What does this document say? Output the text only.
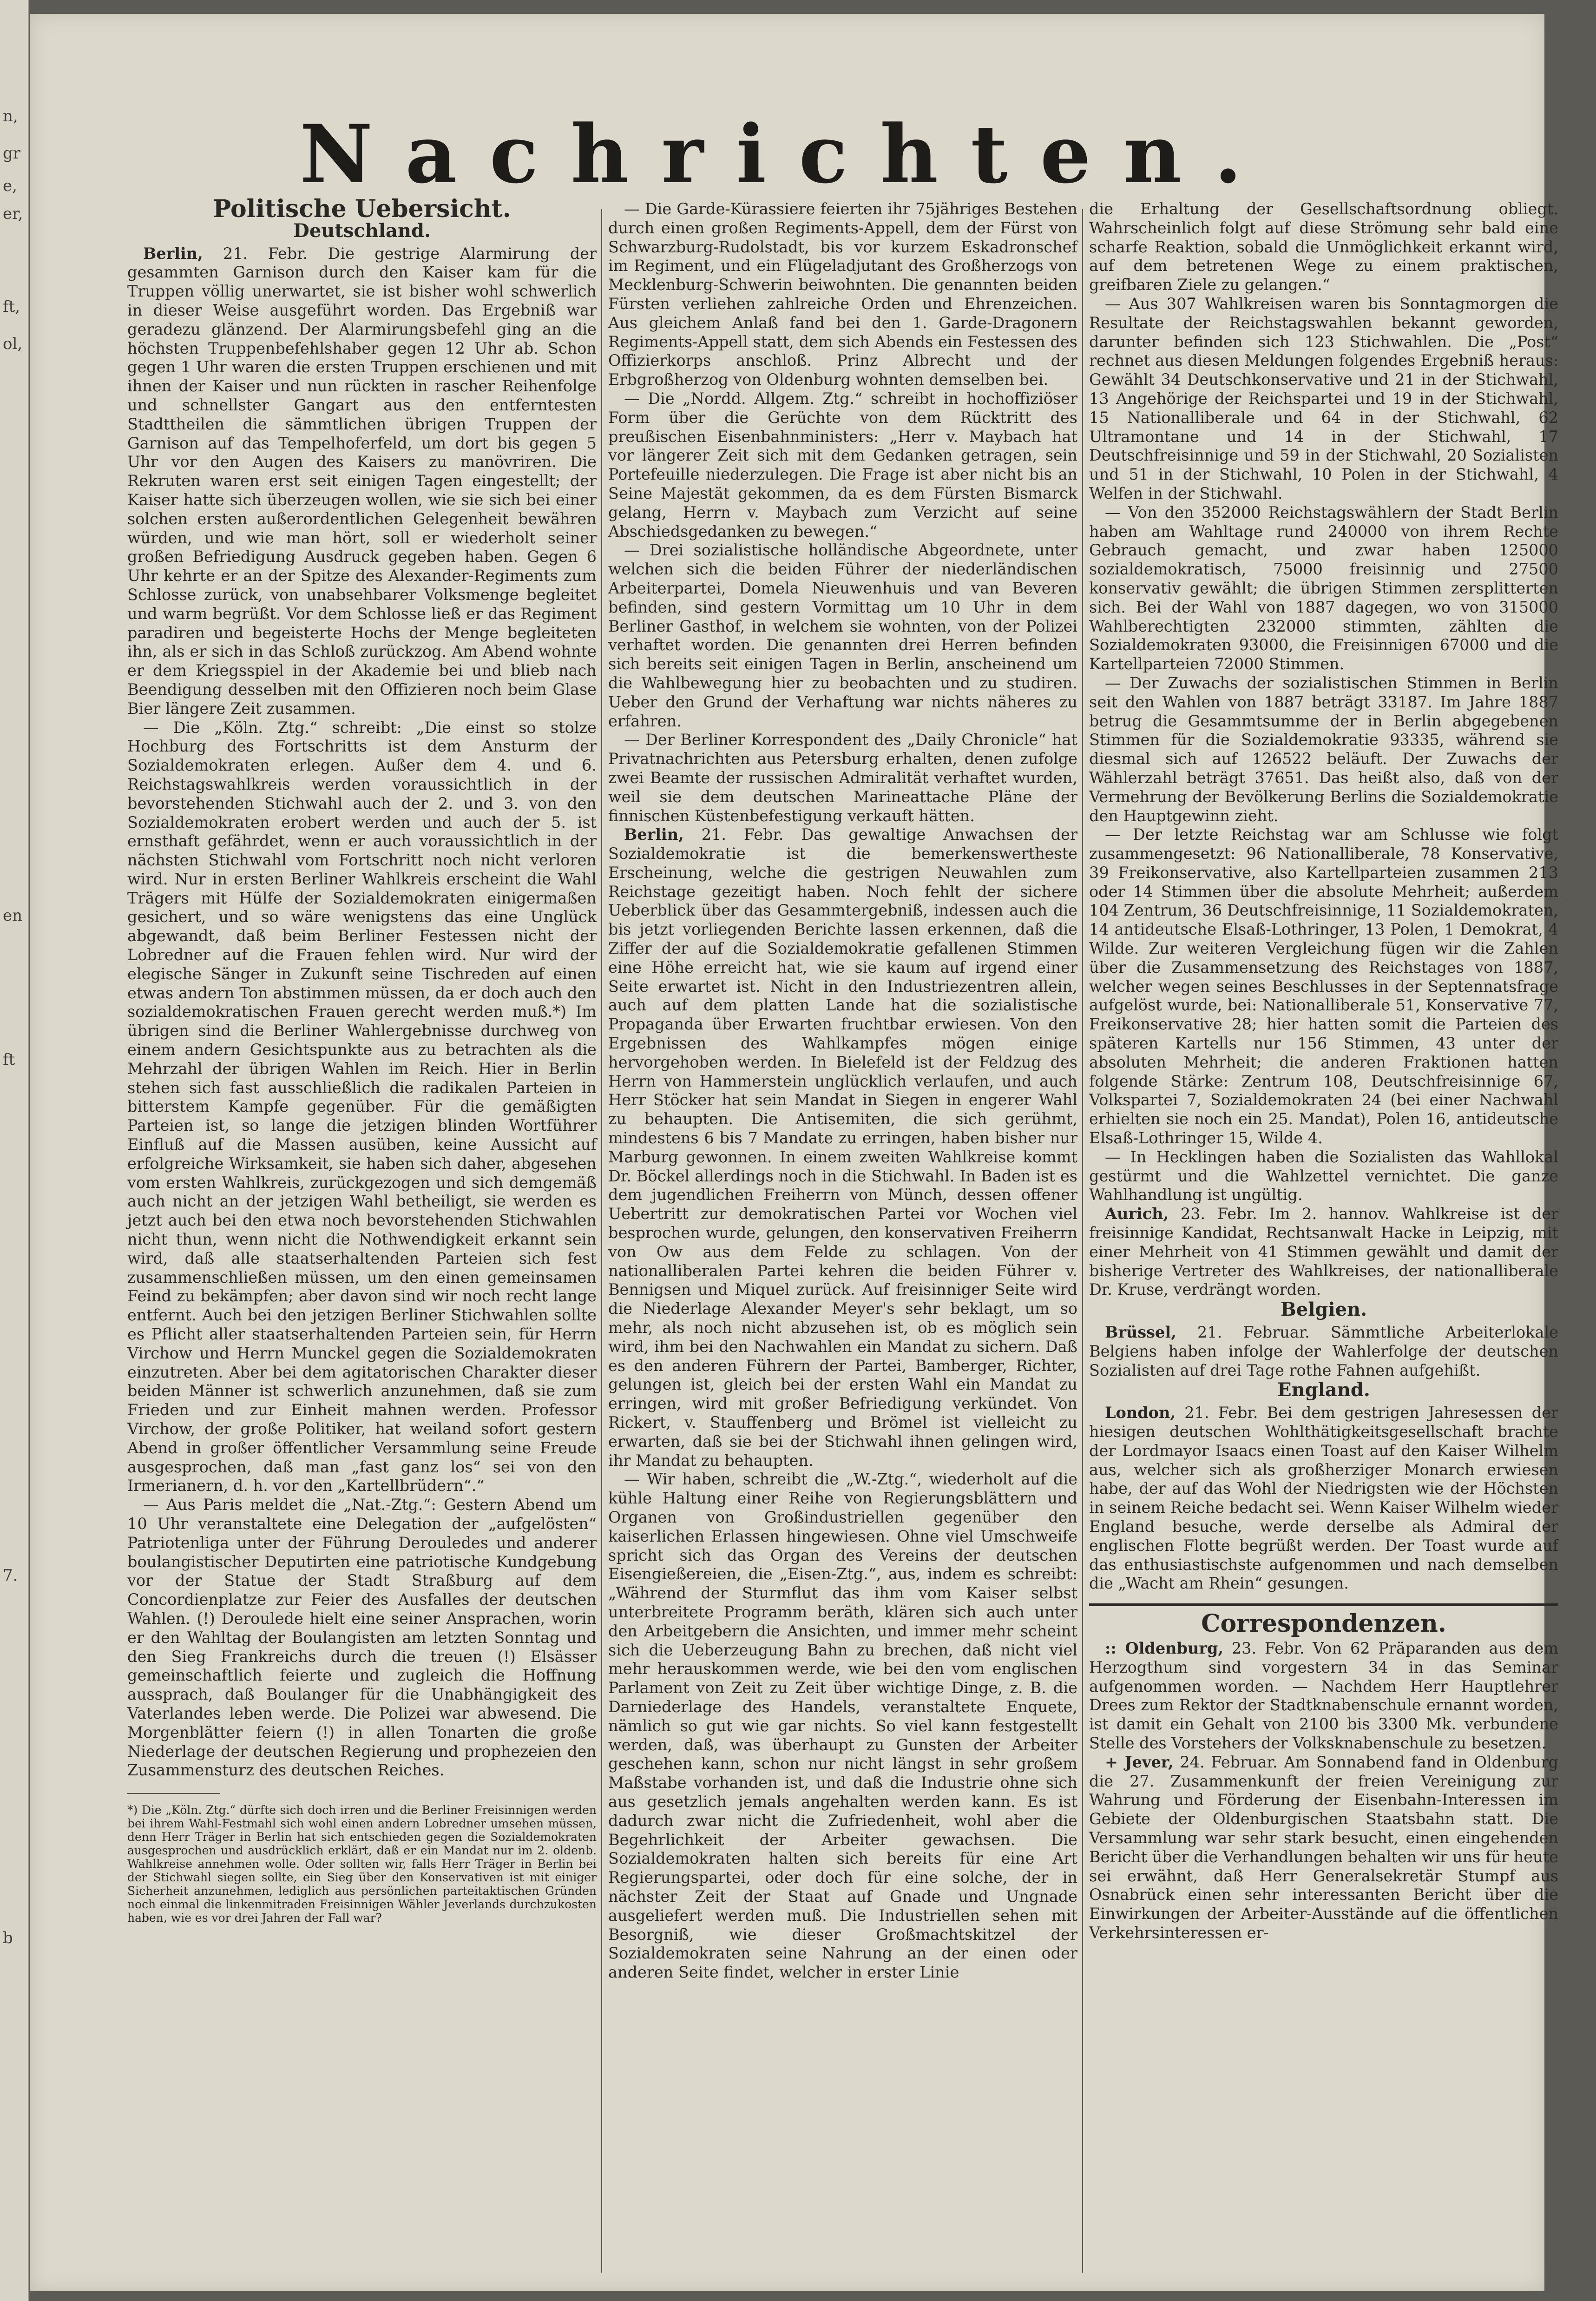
n,
gr
e,
er,
ft,
ol,
en
ft
7.
b
Nachrichten.
Politische Uebersicht.
Deutschland.

Berlin, 21. Febr. Die gestrige Alarmirung der gesammten Garnison durch den Kaiser kam für die Truppen völlig unerwartet, sie ist bisher wohl schwerlich in dieser Weise ausgeführt worden. Das Ergebniß war geradezu glänzend. Der Alarmirungsbefehl ging an die höchsten Truppenbefehlshaber gegen 12 Uhr ab. Schon gegen 1 Uhr waren die ersten Truppen erschienen und mit ihnen der Kaiser und nun rückten in rascher Reihenfolge und schnellster Gangart aus den entferntesten Stadttheilen die sämmtlichen übrigen Truppen der Garnison auf das Tempelhoferfeld, um dort bis gegen 5 Uhr vor den Augen des Kaisers zu manövriren. Die Rekruten waren erst seit einigen Tagen eingestellt; der Kaiser hatte sich überzeugen wollen, wie sie sich bei einer solchen ersten außerordentlichen Gelegenheit bewähren würden, und wie man hört, soll er wiederholt seiner großen Befriedigung Ausdruck gegeben haben. Gegen 6 Uhr kehrte er an der Spitze des Alexander-Regiments zum Schlosse zurück, von unabsehbarer Volksmenge begleitet und warm begrüßt. Vor dem Schlosse ließ er das Regiment paradiren und begeisterte Hochs der Menge begleiteten ihn, als er sich in das Schloß zurückzog. Am Abend wohnte er dem Kriegsspiel in der Akademie bei und blieb nach Beendigung desselben mit den Offizieren noch beim Glase Bier längere Zeit zusammen.

— Die „Köln. Ztg.“ schreibt: „Die einst so stolze Hochburg des Fortschritts ist dem Ansturm der Sozialdemokraten erlegen. Außer dem 4. und 6. Reichstagswahlkreis werden voraussichtlich in der bevorstehenden Stichwahl auch der 2. und 3. von den Sozialdemokraten erobert werden und auch der 5. ist ernsthaft gefährdet, wenn er auch voraussichtlich in der nächsten Stichwahl vom Fortschritt noch nicht verloren wird. Nur in ersten Berliner Wahlkreis erscheint die Wahl Trägers mit Hülfe der Sozialdemokraten einigermaßen gesichert, und so wäre wenigstens das eine Unglück abgewandt, daß beim Berliner Festessen nicht der Lobredner auf die Frauen fehlen wird. Nur wird der elegische Sänger in Zukunft seine Tischreden auf einen etwas andern Ton abstimmen müssen, da er doch auch den sozialdemokratischen Frauen gerecht werden muß.*) Im übrigen sind die Berliner Wahlergebnisse durchweg von einem andern Gesichtspunkte aus zu betrachten als die Mehrzahl der übrigen Wahlen im Reich. Hier in Berlin stehen sich fast ausschließlich die radikalen Parteien in bitterstem Kampfe gegenüber. Für die gemäßigten Parteien ist, so lange die jetzigen blinden Wortführer Einfluß auf die Massen ausüben, keine Aussicht auf erfolgreiche Wirksamkeit, sie haben sich daher, abgesehen vom ersten Wahlkreis, zurückgezogen und sich demgemäß auch nicht an der jetzigen Wahl betheiligt, sie werden es jetzt auch bei den etwa noch bevorstehenden Stichwahlen nicht thun, wenn nicht die Nothwendigkeit erkannt sein wird, daß alle staatserhaltenden Parteien sich fest zusammenschließen müssen, um den einen gemeinsamen Feind zu bekämpfen; aber davon sind wir noch recht lange entfernt. Auch bei den jetzigen Berliner Stichwahlen sollte es Pflicht aller staatserhaltenden Parteien sein, für Herrn Virchow und Herrn Munckel gegen die Sozialdemokraten einzutreten. Aber bei dem agitatorischen Charakter dieser beiden Männer ist schwerlich anzunehmen, daß sie zum Frieden und zur Einheit mahnen werden. Professor Virchow, der große Politiker, hat weiland sofort gestern Abend in großer öffentlicher Versammlung seine Freude ausgesprochen, daß man „fast ganz los“ sei von den Irmerianern, d. h. vor den „Kartellbrüdern“.“

— Aus Paris meldet die „Nat.-Ztg.“: Gestern Abend um 10 Uhr veranstaltete eine Delegation der „aufgelösten“ Patriotenliga unter der Führung Derouledes und anderer boulangistischer Deputirten eine patriotische Kundgebung vor der Statue der Stadt Straßburg auf dem Concordienplatze zur Feier des Ausfalles der deutschen Wahlen. (!) Deroulede hielt eine seiner Ansprachen, worin er den Wahltag der Boulangisten am letzten Sonntag und den Sieg Frankreichs durch die treuen (!) Elsässer gemeinschaftlich feierte und zugleich die Hoffnung aussprach, daß Boulanger für die Unabhängigkeit des Vaterlandes leben werde. Die Polizei war abwesend. Die Morgenblätter feiern (!) in allen Tonarten die große Niederlage der deutschen Regierung und prophezeien den Zusammensturz des deutschen Reiches.

*) Die „Köln. Ztg.“ dürfte sich doch irren und die Berliner Freisinnigen werden bei ihrem Wahl-Festmahl sich wohl einen andern Lobredner umsehen müssen, denn Herr Träger in Berlin hat sich entschieden gegen die Sozialdemokraten ausgesprochen und ausdrücklich erklärt, daß er ein Mandat nur im 2. oldenb. Wahlkreise annehmen wolle. Oder sollten wir, falls Herr Träger in Berlin bei der Stichwahl siegen sollte, ein Sieg über den Konservativen ist mit einiger Sicherheit anzunehmen, lediglich aus persönlichen parteitaktischen Gründen noch einmal die linkenmitraden Freisinnigen Wähler Jeverlands durchzukosten haben, wie es vor drei Jahren der Fall war?

— Die Garde-Kürassiere feierten ihr 75jähriges Bestehen durch einen großen Regiments-Appell, dem der Fürst von Schwarzburg-Rudolstadt, bis vor kurzem Eskadronschef im Regiment, und ein Flügeladjutant des Großherzogs von Mecklenburg-Schwerin beiwohnten. Die genannten beiden Fürsten verliehen zahlreiche Orden und Ehrenzeichen. Aus gleichem Anlaß fand bei den 1. Garde-Dragonern Regiments-Appell statt, dem sich Abends ein Festessen des Offizierkorps anschloß. Prinz Albrecht und der Erbgroßherzog von Oldenburg wohnten demselben bei.

— Die „Nordd. Allgem. Ztg.“ schreibt in hochoffiziöser Form über die Gerüchte von dem Rücktritt des preußischen Eisenbahnministers: „Herr v. Maybach hat vor längerer Zeit sich mit dem Gedanken getragen, sein Portefeuille niederzulegen. Die Frage ist aber nicht bis an Seine Majestät gekommen, da es dem Fürsten Bismarck gelang, Herrn v. Maybach zum Verzicht auf seine Abschiedsgedanken zu bewegen.“

— Drei sozialistische holländische Abgeordnete, unter welchen sich die beiden Führer der niederländischen Arbeiterpartei, Domela Nieuwenhuis und van Beveren befinden, sind gestern Vormittag um 10 Uhr in dem Berliner Gasthof, in welchem sie wohnten, von der Polizei verhaftet worden. Die genannten drei Herren befinden sich bereits seit einigen Tagen in Berlin, anscheinend um die Wahlbewegung hier zu beobachten und zu studiren. Ueber den Grund der Verhaftung war nichts näheres zu erfahren.

— Der Berliner Korrespondent des „Daily Chronicle“ hat Privatnachrichten aus Petersburg erhalten, denen zufolge zwei Beamte der russischen Admiralität verhaftet wurden, weil sie dem deutschen Marineattache Pläne der finnischen Küstenbefestigung verkauft hätten.

Berlin, 21. Febr. Das gewaltige Anwachsen der Sozialdemokratie ist die bemerkenswertheste Erscheinung, welche die gestrigen Neuwahlen zum Reichstage gezeitigt haben. Noch fehlt der sichere Ueberblick über das Gesammtergebniß, indessen auch die bis jetzt vorliegenden Berichte lassen erkennen, daß die Ziffer der auf die Sozialdemokratie gefallenen Stimmen eine Höhe erreicht hat, wie sie kaum auf irgend einer Seite erwartet ist. Nicht in den Industriezentren allein, auch auf dem platten Lande hat die sozialistische Propaganda über Erwarten fruchtbar erwiesen. Von den Ergebnissen des Wahlkampfes mögen einige hervorgehoben werden. In Bielefeld ist der Feldzug des Herrn von Hammerstein unglücklich verlaufen, und auch Herr Stöcker hat sein Mandat in Siegen in engerer Wahl zu behaupten. Die Antisemiten, die sich gerühmt, mindestens 6 bis 7 Mandate zu erringen, haben bisher nur Marburg gewonnen. In einem zweiten Wahlkreise kommt Dr. Böckel allerdings noch in die Stichwahl. In Baden ist es dem jugendlichen Freiherrn von Münch, dessen offener Uebertritt zur demokratischen Partei vor Wochen viel besprochen wurde, gelungen, den konservativen Freiherrn von Ow aus dem Felde zu schlagen. Von der nationalliberalen Partei kehren die beiden Führer v. Bennigsen und Miquel zurück. Auf freisinniger Seite wird die Niederlage Alexander Meyer's sehr beklagt, um so mehr, als noch nicht abzusehen ist, ob es möglich sein wird, ihm bei den Nachwahlen ein Mandat zu sichern. Daß es den anderen Führern der Partei, Bamberger, Richter, gelungen ist, gleich bei der ersten Wahl ein Mandat zu erringen, wird mit großer Befriedigung verkündet. Von Rickert, v. Stauffenberg und Brömel ist vielleicht zu erwarten, daß sie bei der Stichwahl ihnen gelingen wird, ihr Mandat zu behaupten.

— Wir haben, schreibt die „W.-Ztg.“, wiederholt auf die kühle Haltung einer Reihe von Regierungsblättern und Organen von Großindustriellen gegenüber den kaiserlichen Erlassen hingewiesen. Ohne viel Umschweife spricht sich das Organ des Vereins der deutschen Eisengießereien, die „Eisen-Ztg.“, aus, indem es schreibt: „Während der Sturmflut das ihm vom Kaiser selbst unterbreitete Programm beräth, klären sich auch unter den Arbeitgebern die Ansichten, und immer mehr scheint sich die Ueberzeugung Bahn zu brechen, daß nicht viel mehr herauskommen werde, wie bei den vom englischen Parlament von Zeit zu Zeit über wichtige Dinge, z. B. die Darniederlage des Handels, veranstaltete Enquete, nämlich so gut wie gar nichts. So viel kann festgestellt werden, daß, was überhaupt zu Gunsten der Arbeiter geschehen kann, schon nur nicht längst in sehr großem Maßstabe vorhanden ist, und daß die Industrie ohne sich aus gesetzlich jemals angehalten werden kann. Es ist dadurch zwar nicht die Zufriedenheit, wohl aber die Begehrlichkeit der Arbeiter gewachsen. Die Sozialdemokraten halten sich bereits für eine Art Regierungspartei, oder doch für eine solche, der in nächster Zeit der Staat auf Gnade und Ungnade ausgeliefert werden muß. Die Industriellen sehen mit Besorgniß, wie dieser Großmachtskitzel der Sozialdemokraten seine Nahrung an der einen oder anderen Seite findet, welcher in erster Linie

die Erhaltung der Gesellschaftsordnung obliegt. Wahrscheinlich folgt auf diese Strömung sehr bald eine scharfe Reaktion, sobald die Unmöglichkeit erkannt wird, auf dem betretenen Wege zu einem praktischen, greifbaren Ziele zu gelangen.“

— Aus 307 Wahlkreisen waren bis Sonntagmorgen die Resultate der Reichstagswahlen bekannt geworden, darunter befinden sich 123 Stichwahlen. Die „Post“ rechnet aus diesen Meldungen folgendes Ergebniß heraus: Gewählt 34 Deutschkonservative und 21 in der Stichwahl, 13 Angehörige der Reichspartei und 19 in der Stichwahl, 15 Nationalliberale und 64 in der Stichwahl, 62 Ultramontane und 14 in der Stichwahl, 17 Deutschfreisinnige und 59 in der Stichwahl, 20 Sozialisten und 51 in der Stichwahl, 10 Polen in der Stichwahl, 4 Welfen in der Stichwahl.

— Von den 352000 Reichstagswählern der Stadt Berlin haben am Wahltage rund 240000 von ihrem Rechte Gebrauch gemacht, und zwar haben 125000 sozialdemokratisch, 75000 freisinnig und 27500 konservativ gewählt; die übrigen Stimmen zersplitterten sich. Bei der Wahl von 1887 dagegen, wo von 315000 Wahlberechtigten 232000 stimmten, zählten die Sozialdemokraten 93000, die Freisinnigen 67000 und die Kartellparteien 72000 Stimmen.

— Der Zuwachs der sozialistischen Stimmen in Berlin seit den Wahlen von 1887 beträgt 33187. Im Jahre 1887 betrug die Gesammtsumme der in Berlin abgegebenen Stimmen für die Sozialdemokratie 93335, während sie diesmal sich auf 126522 beläuft. Der Zuwachs der Wählerzahl beträgt 37651. Das heißt also, daß von der Vermehrung der Bevölkerung Berlins die Sozialdemokratie den Hauptgewinn zieht.

— Der letzte Reichstag war am Schlusse wie folgt zusammengesetzt: 96 Nationalliberale, 78 Konservative, 39 Freikonservative, also Kartellparteien zusammen 213 oder 14 Stimmen über die absolute Mehrheit; außerdem 104 Zentrum, 36 Deutschfreisinnige, 11 Sozialdemokraten, 14 antideutsche Elsaß-Lothringer, 13 Polen, 1 Demokrat, 4 Wilde. Zur weiteren Vergleichung fügen wir die Zahlen über die Zusammensetzung des Reichstages von 1887, welcher wegen seines Beschlusses in der Septennatsfrage aufgelöst wurde, bei: Nationalliberale 51, Konservative 77, Freikonservative 28; hier hatten somit die Parteien des späteren Kartells nur 156 Stimmen, 43 unter der absoluten Mehrheit; die anderen Fraktionen hatten folgende Stärke: Zentrum 108, Deutschfreisinnige 67, Volkspartei 7, Sozialdemokraten 24 (bei einer Nachwahl erhielten sie noch ein 25. Mandat), Polen 16, antideutsche Elsaß-Lothringer 15, Wilde 4.

— In Hecklingen haben die Sozialisten das Wahllokal gestürmt und die Wahlzettel vernichtet. Die ganze Wahlhandlung ist ungültig.

Aurich, 23. Febr. Im 2. hannov. Wahlkreise ist der freisinnige Kandidat, Rechtsanwalt Hacke in Leipzig, mit einer Mehrheit von 41 Stimmen gewählt und damit der bisherige Vertreter des Wahlkreises, der nationalliberale Dr. Kruse, verdrängt worden.

Belgien.

Brüssel, 21. Februar. Sämmtliche Arbeiterlokale Belgiens haben infolge der Wahlerfolge der deutschen Sozialisten auf drei Tage rothe Fahnen aufgehißt.

England.

London, 21. Febr. Bei dem gestrigen Jahresessen der hiesigen deutschen Wohlthätigkeitsgesellschaft brachte der Lordmayor Isaacs einen Toast auf den Kaiser Wilhelm aus, welcher sich als großherziger Monarch erwiesen habe, der auf das Wohl der Niedrigsten wie der Höchsten in seinem Reiche bedacht sei. Wenn Kaiser Wilhelm wieder England besuche, werde derselbe als Admiral der englischen Flotte begrüßt werden. Der Toast wurde auf das enthusiastischste aufgenommen und nach demselben die „Wacht am Rhein“ gesungen.

Correspondenzen.

:: Oldenburg, 23. Febr. Von 62 Präparanden aus dem Herzogthum sind vorgestern 34 in das Seminar aufgenommen worden. — Nachdem Herr Hauptlehrer Drees zum Rektor der Stadtknabenschule ernannt worden, ist damit ein Gehalt von 2100 bis 3300 Mk. verbundene Stelle des Vorstehers der Volksknabenschule zu besetzen.

+ Jever, 24. Februar. Am Sonnabend fand in Oldenburg die 27. Zusammenkunft der freien Vereinigung zur Wahrung und Förderung der Eisenbahn-Interessen im Gebiete der Oldenburgischen Staatsbahn statt. Die Versammlung war sehr stark besucht, einen eingehenden Bericht über die Verhandlungen behalten wir uns für heute sei erwähnt, daß Herr Generalsekretär Stumpf aus Osnabrück einen sehr interessanten Bericht über die Einwirkungen der Arbeiter-Ausstände auf die öffentlichen Verkehrsinteressen er-
